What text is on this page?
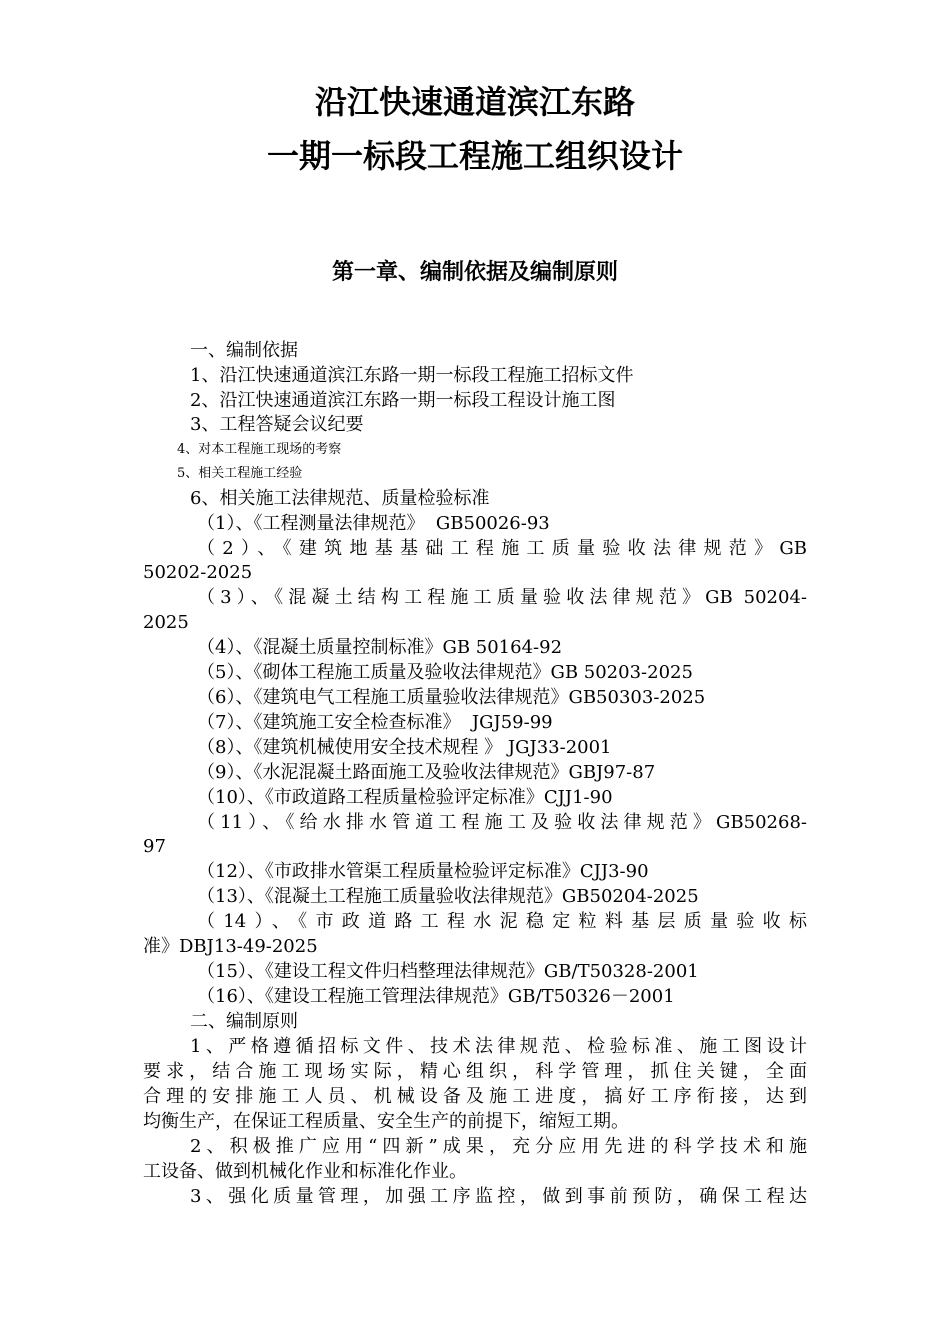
沿江快速通道滨江东路
一期一标段工程施工组织设计
第一章、编制依据及编制原则
一、编制依据
1、沿江快速通道滨江东路一期一标段工程施工招标文件
2、沿江快速通道滨江东路一期一标段工程设计施工图
3、工程答疑会议纪要
4、对本工程施工现场的考察
5、相关工程施工经验
6、相关施工法律规范、质量检验标准
（1）、《工程测量法律规范》  GB50026-93
（2）、《建筑地基基础工程施工质量验收法律规范》GB
50202-2025
（3）、《混凝土结构工程施工质量验收法律规范》GB 50204-
2025
（4）、《混凝土质量控制标准》GB 50164-92
（5）、《砌体工程施工质量及验收法律规范》GB 50203-2025
（6）、《建筑电气工程施工质量验收法律规范》GB50303-2025
（7）、《建筑施工安全检查标准》  JGJ59-99
（8）、《建筑机械使用安全技术规程 》 JGJ33-2001
（9）、《水泥混凝土路面施工及验收法律规范》GBJ97-87
（10）、《市政道路工程质量检验评定标准》CJJ1-90
（11）、《给水排水管道工程施工及验收法律规范》GB50268-
97
（12）、《市政排水管渠工程质量检验评定标准》CJJ3-90
（13）、《混凝土工程施工质量验收法律规范》GB50204-2025
（14）、《市政道路工程水泥稳定粒料基层质量验收标
准》DBJ13-49-2025
（15）、《建设工程文件归档整理法律规范》GB/T50328-2001
（16）、《建设工程施工管理法律规范》GB/T50326－2001
二、编制原则
1、严格遵循招标文件、技术法律规范、检验标准、施工图设计
要求，结合施工现场实际，精心组织，科学管理，抓住关键，全面
合理的安排施工人员、机械设备及施工进度，搞好工序衔接，达到
均衡生产，在保证工程质量、安全生产的前提下，缩短工期。
2、积极推广应用“四新”成果，充分应用先进的科学技术和施
工设备、做到机械化作业和标准化作业。
3、强化质量管理，加强工序监控，做到事前预防，确保工程达
